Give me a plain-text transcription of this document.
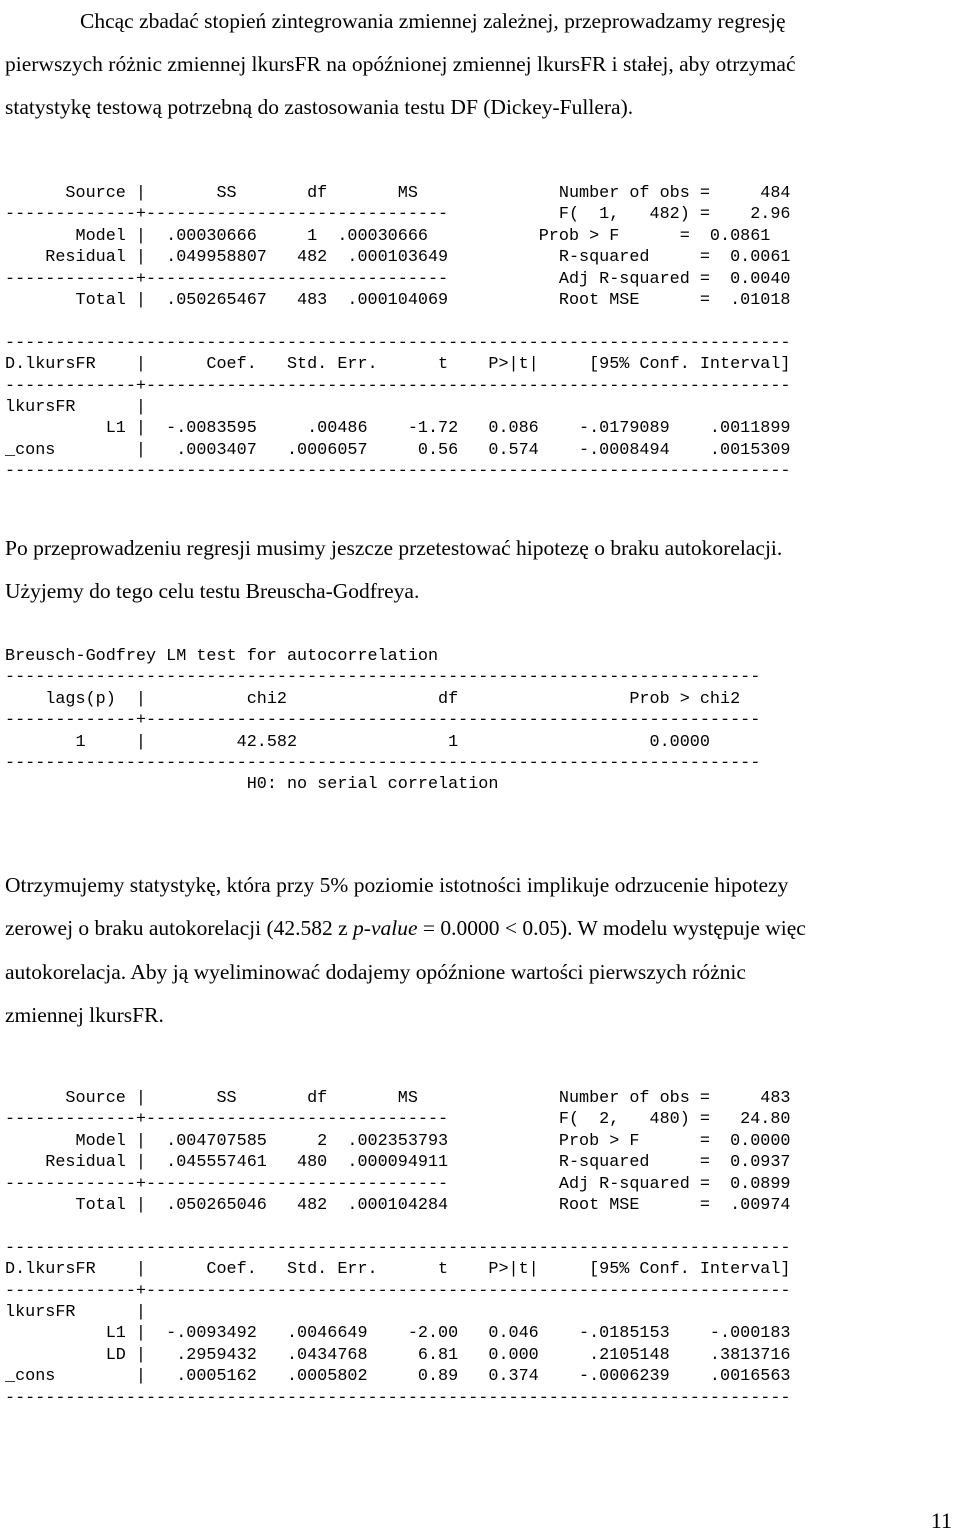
Chcąc zbadać stopień zintegrowania zmiennej zależnej, przeprowadzamy regresję
pierwszych różnic zmiennej lkursFR na opóźnionej zmiennej lkursFR i stałej, aby otrzymać
statystykę testową potrzebną do zastosowania testu DF (Dickey-Fullera).
Source |       SS       df       MS              Number of obs =     484
-------------+------------------------------           F(  1,   482) =    2.96
Model |  .00030666     1  .00030666           Prob > F      =  0.0861
Residual |  .049958807   482  .000103649           R-squared     =  0.0061
-------------+------------------------------           Adj R-squared =  0.0040
Total |  .050265467   483  .000104069           Root MSE      =  .01018

------------------------------------------------------------------------------
D.lkursFR    |      Coef.   Std. Err.      t    P>|t|     [95% Conf. Interval]
-------------+----------------------------------------------------------------
lkursFR      |
L1 |  -.0083595     .00486    -1.72   0.086    -.0179089    .0011899
_cons        |   .0003407   .0006057     0.56   0.574    -.0008494    .0015309
------------------------------------------------------------------------------
Po przeprowadzeniu regresji musimy jeszcze przetestować hipotezę o braku autokorelacji.
Użyjemy do tego celu testu Breuscha-Godfreya.
Breusch-Godfrey LM test for autocorrelation
---------------------------------------------------------------------------
lags(p)  |          chi2               df                 Prob > chi2
-------------+-------------------------------------------------------------
1     |         42.582               1                   0.0000
---------------------------------------------------------------------------
H0: no serial correlation
Otrzymujemy statystykę, która przy 5% poziomie istotności implikuje odrzucenie hipotezy
zerowej o braku autokorelacji (42.582 z p-value = 0.0000 < 0.05). W modelu występuje więc
autokorelacja. Aby ją wyeliminować dodajemy opóźnione wartości pierwszych różnic
zmiennej lkursFR.
Source |       SS       df       MS              Number of obs =     483
-------------+------------------------------           F(  2,   480) =   24.80
Model |  .004707585     2  .002353793           Prob > F      =  0.0000
Residual |  .045557461   480  .000094911           R-squared     =  0.0937
-------------+------------------------------           Adj R-squared =  0.0899
Total |  .050265046   482  .000104284           Root MSE      =  .00974

------------------------------------------------------------------------------
D.lkursFR    |      Coef.   Std. Err.      t    P>|t|     [95% Conf. Interval]
-------------+----------------------------------------------------------------
lkursFR      |
L1 |  -.0093492   .0046649    -2.00   0.046    -.0185153    -.000183
LD |   .2959432   .0434768     6.81   0.000     .2105148    .3813716
_cons        |   .0005162   .0005802     0.89   0.374    -.0006239    .0016563
------------------------------------------------------------------------------
11
